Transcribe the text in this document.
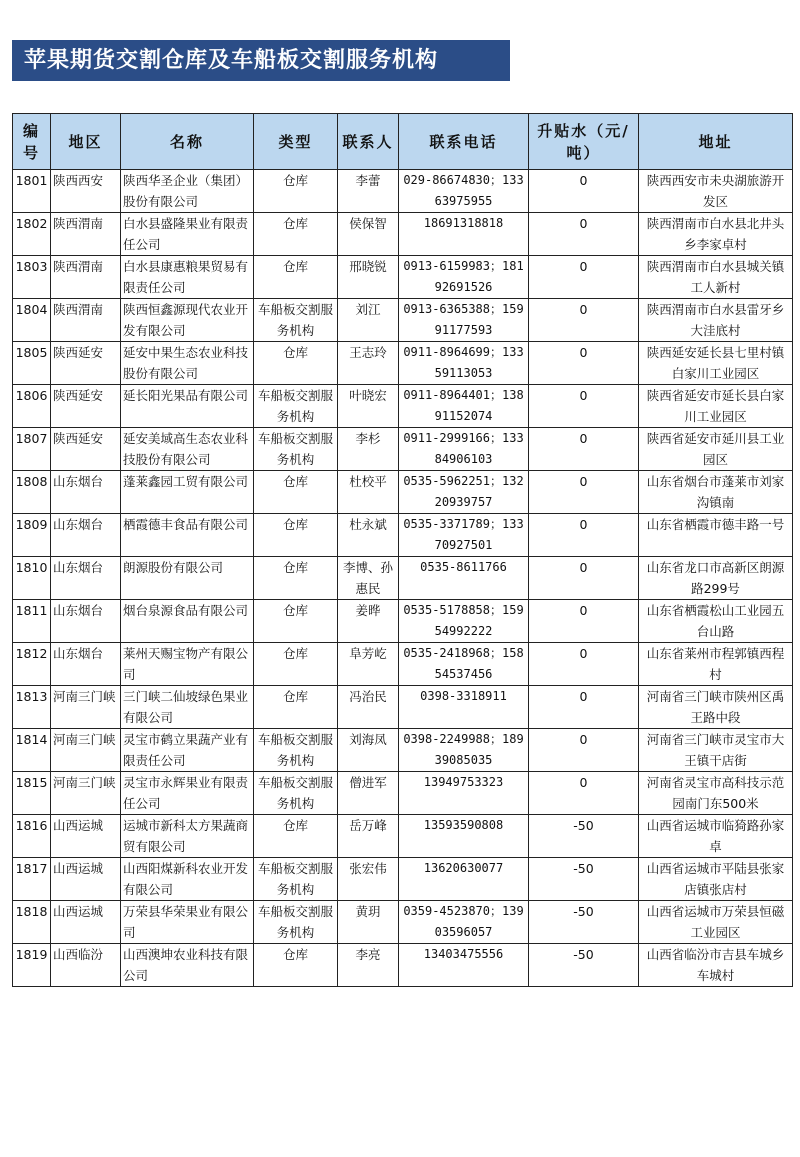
苹果期货交割仓库及车船板交割服务机构
编号	地区	名称	类型	联系人	联系电话	升贴水（元/吨）	地址
1801	陕西西安	陕西华圣企业（集团）股份有限公司	仓库	李蕾	029-86674830；13363975955	0	陕西西安市未央湖旅游开发区
1802	陕西渭南	白水县盛隆果业有限责任公司	仓库	侯保智	18691318818	0	陕西渭南市白水县北井头乡李家卓村
1803	陕西渭南	白水县康惠粮果贸易有限责任公司	仓库	邢晓锐	0913-6159983；18192691526	0	陕西渭南市白水县城关镇工人新村
1804	陕西渭南	陕西恒鑫源现代农业开发有限公司	车船板交割服务机构	刘江	0913-6365388；15991177593	0	陕西渭南市白水县雷牙乡大洼底村
1805	陕西延安	延安中果生态农业科技股份有限公司	仓库	王志玲	0911-8964699；13359113053	0	陕西延安延长县七里村镇白家川工业园区
1806	陕西延安	延长阳光果品有限公司	车船板交割服务机构	叶晓宏	0911-8964401；13891152074	0	陕西省延安市延长县白家川工业园区
1807	陕西延安	延安美域高生态农业科技股份有限公司	车船板交割服务机构	李杉	0911-2999166；13384906103	0	陕西省延安市延川县工业园区
1808	山东烟台	蓬莱鑫园工贸有限公司	仓库	杜校平	0535-5962251；13220939757	0	山东省烟台市蓬莱市刘家沟镇南
1809	山东烟台	栖霞德丰食品有限公司	仓库	杜永斌	0535-3371789；13370927501	0	山东省栖霞市德丰路一号
1810	山东烟台	朗源股份有限公司	仓库	李博、孙惠民	0535-8611766	0	山东省龙口市高新区朗源路299号
1811	山东烟台	烟台泉源食品有限公司	仓库	姜晔	0535-5178858；15954992222	0	山东省栖霞松山工业园五台山路
1812	山东烟台	莱州天赐宝物产有限公司	仓库	阜芳屹	0535-2418968；15854537456	0	山东省莱州市程郭镇西程村
1813	河南三门峡	三门峡二仙坡绿色果业有限公司	仓库	冯治民	0398-3318911	0	河南省三门峡市陕州区禹王路中段
1814	河南三门峡	灵宝市鹤立果蔬产业有限责任公司	车船板交割服务机构	刘海凤	0398-2249988；18939085035	0	河南省三门峡市灵宝市大王镇干店街
1815	河南三门峡	灵宝市永辉果业有限责任公司	车船板交割服务机构	僧进军	13949753323	0	河南省灵宝市高科技示范园南门东500米
1816	山西运城	运城市新科太方果蔬商贸有限公司	仓库	岳万峰	13593590808	-50	山西省运城市临猗路孙家卓
1817	山西运城	山西阳煤新科农业开发有限公司	车船板交割服务机构	张宏伟	13620630077	-50	山西省运城市平陆县张家店镇张店村
1818	山西运城	万荣县华荣果业有限公司	车船板交割服务机构	黄玥	0359-4523870；13903596057	-50	山西省运城市万荣县恒磁工业园区
1819	山西临汾	山西澳坤农业科技有限公司	仓库	李亮	13403475556	-50	山西省临汾市吉县车城乡车城村
